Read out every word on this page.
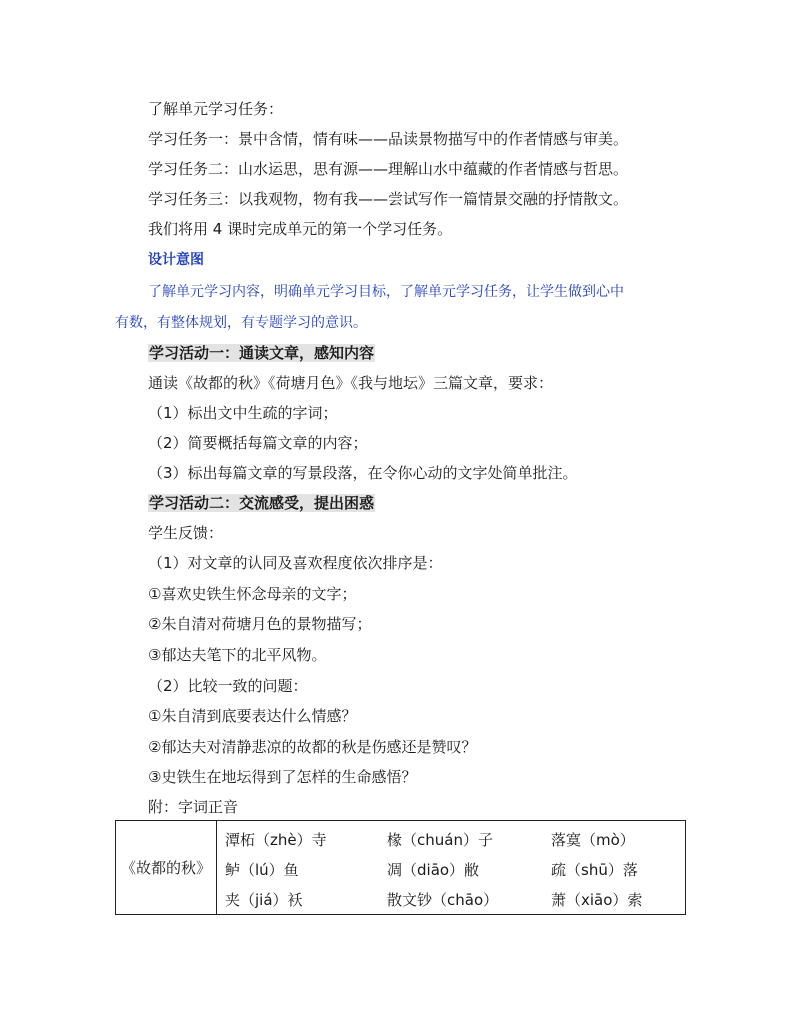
了解单元学习任务：
学习任务一：景中含情，情有味——品读景物描写中的作者情感与审美。
学习任务二：山水运思，思有源——理解山水中蕴藏的作者情感与哲思。
学习任务三：以我观物，物有我——尝试写作一篇情景交融的抒情散文。
我们将用 4 课时完成单元的第一个学习任务。
设计意图
了解单元学习内容，明确单元学习目标，了解单元学习任务，让学生做到心中
有数，有整体规划，有专题学习的意识。
学习活动一：通读文章，感知内容
通读《故都的秋》《荷塘月色》《我与地坛》三篇文章，要求：
（1）标出文中生疏的字词；
（2）简要概括每篇文章的内容；
（3）标出每篇文章的写景段落，在令你心动的文字处简单批注。
学习活动二：交流感受，提出困惑
学生反馈：
（1）对文章的认同及喜欢程度依次排序是：
①喜欢史铁生怀念母亲的文字；
②朱自清对荷塘月色的景物描写；
③郁达夫笔下的北平风物。
（2）比较一致的问题：
①朱自清到底要表达什么情感？
②郁达夫对清静悲凉的故都的秋是伤感还是赞叹？
③史铁生在地坛得到了怎样的生命感悟？
附：字词正音
《故都的秋》	
潭柘（zhè）寺	椽（chuán）子	落寞（mò）
鲈（lú）鱼	凋（diāo）敝	疏（shū）落
夹（jiá）袄	散文钞（chāo）	萧（xiāo）索
